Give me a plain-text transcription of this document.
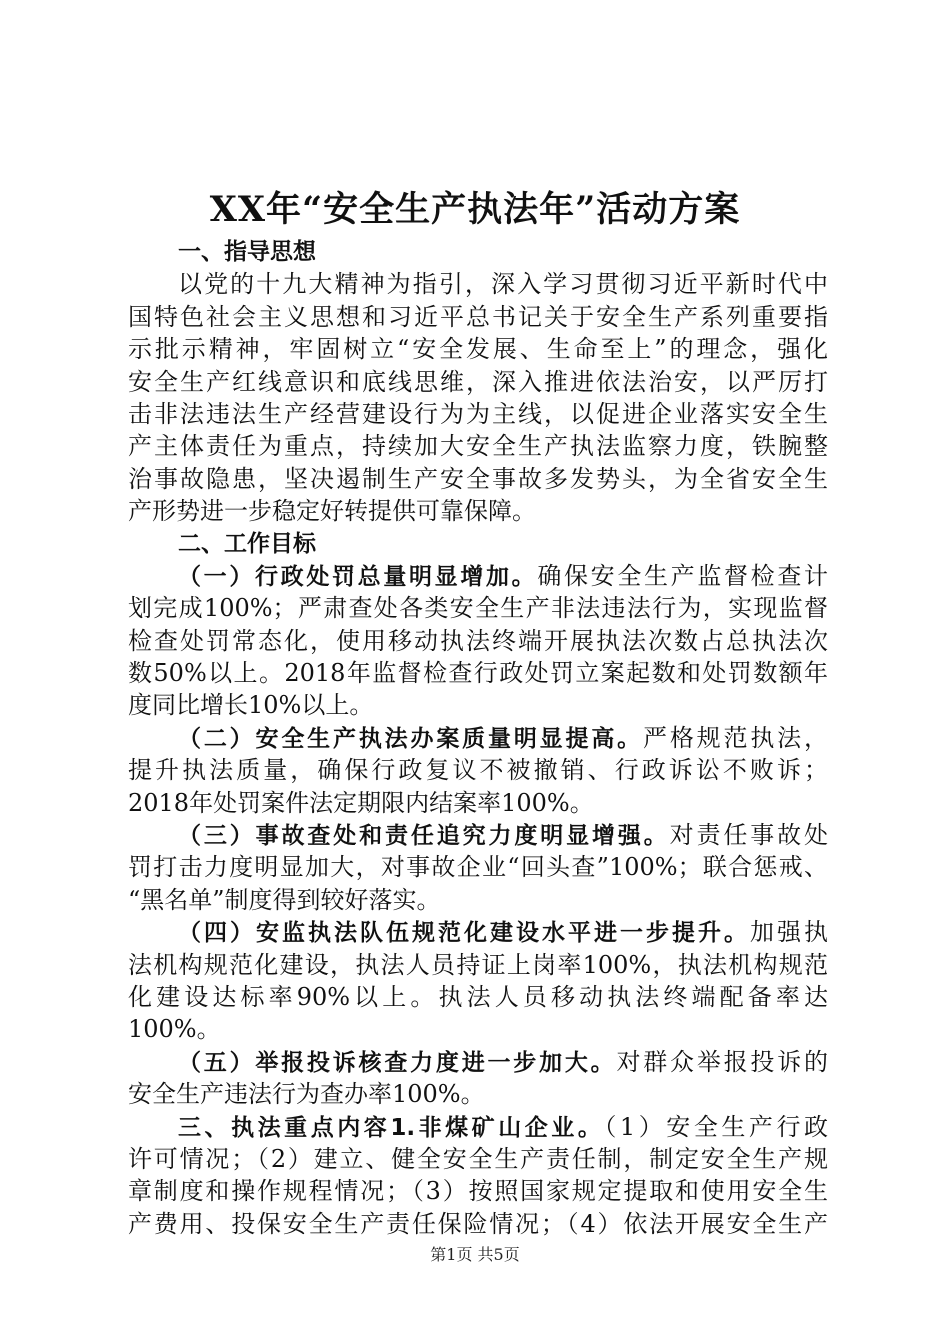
XX年“安全生产执法年”活动方案
一、指导思想
以党的十九大精神为指引，深入学习贯彻习近平新时代中
国特色社会主义思想和习近平总书记关于安全生产系列重要指
示批示精神，牢固树立“安全发展、生命至上”的理念，强化
安全生产红线意识和底线思维，深入推进依法治安，以严厉打
击非法违法生产经营建设行为为主线，以促进企业落实安全生
产主体责任为重点，持续加大安全生产执法监察力度，铁腕整
治事故隐患，坚决遏制生产安全事故多发势头，为全省安全生
产形势进一步稳定好转提供可靠保障。
二、工作目标
（一）行政处罚总量明显增加。确保安全生产监督检查计
划完成100%；严肃查处各类安全生产非法违法行为，实现监督
检查处罚常态化，使用移动执法终端开展执法次数占总执法次
数50%以上。2018年监督检查行政处罚立案起数和处罚数额年
度同比增长10%以上。
（二）安全生产执法办案质量明显提高。严格规范执法，
提升执法质量，确保行政复议不被撤销、行政诉讼不败诉；
2018年处罚案件法定期限内结案率100%。
（三）事故查处和责任追究力度明显增强。对责任事故处
罚打击力度明显加大，对事故企业“回头查”100%；联合惩戒、
“黑名单”制度得到较好落实。
（四）安监执法队伍规范化建设水平进一步提升。加强执
法机构规范化建设，执法人员持证上岗率100%，执法机构规范
化建设达标率90%以上。执法人员移动执法终端配备率达
100%。
（五）举报投诉核查力度进一步加大。对群众举报投诉的
安全生产违法行为查办率100%。
三、执法重点内容1.非煤矿山企业。（1）安全生产行政
许可情况；（2）建立、健全安全生产责任制，制定安全生产规
章制度和操作规程情况；（3）按照国家规定提取和使用安全生
产费用、投保安全生产责任保险情况；（4）依法开展安全生产
第1页 共5页
